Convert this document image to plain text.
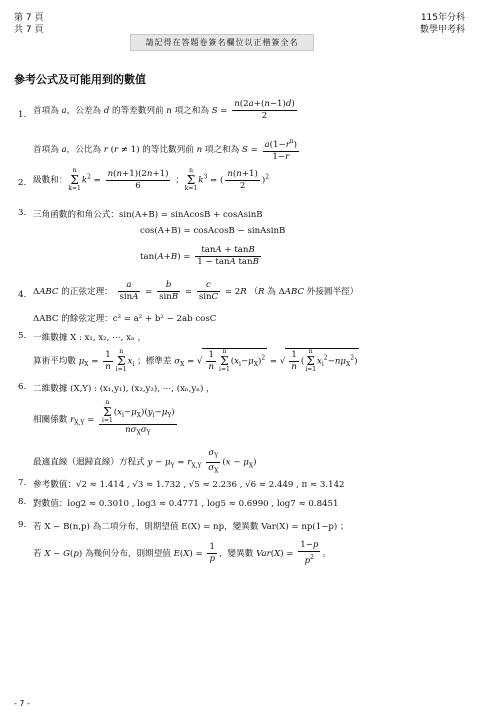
第 7 頁
共 7 頁
請記得在答題卷簽名欄位以正楷簽全名
115年分科
數學甲考科
參考公式及可能用到的數值
1. 首項為 a，公差為 d 的等差數列前 n 項之和為 $S = \frac{n(2a+(n-1)d)}{2}$
首項為 a，公比為 r (r ≠ 1) 的等比數列前 n 項之和為 $S = \frac{a(1-r^n)}{1-r}$
2. 級數和：n
Σ
$k=1k^2 = \frac{n(n+1)(2n+1)}{6}$ ；n
Σ
$k=1k^3$ = ( $\frac{n(n+1)}{2} )^2$
3. 三角函數的和角公式：sin(A+B) = sinAcosB + cosAsinB
cos(A+B) = cosAcosB − sinAsinB
$\tan(A+B) = \frac{\tan A + \tan B}{\text{1 − tanA tanB}}$
4. ΔABC 的正弦定理： $\frac{a}{\sin A} = \frac{b}{\sin B} = \frac{c}{\sin C} = 2R$ （R 為 ΔABC 外接圓半徑）
ΔABC 的餘弦定理：c² = a² + b² − 2ab cosC
5. 一維數據 X : x₁, x₂, ⋯, xₙ ，
算術平均數 $\mu_X = \frac{1}{n}$ n
Σ
$i=1x_i$ ；標準差 $\sigma_X$ = √ $\frac{1}{n}$ n
Σ
$i=1(x_i-\mu_X)^2$ = √ $\frac{1}{n} (n$
Σ
$i=1x_i^2-n\mu_X^2$)
6. 二維數據 (X,Y) : (x₁,y₁), (x₂,y₂), ⋯, (xₙ,yₙ) ，
相關係數 $r_{X,Y} = n$
Σ
$i=1(x_i-\mu_X)(y_i-\mu_Y)$
$n\sigma_X\sigma_Y$
最適直線（迴歸直線）方程式 $y - \mu_Y = r_{X,Y} \frac{\sigma_Y}{\sigma_X} (x - \mu_X)$
7. 參考數值：√2 ≈ 1.414 , √3 ≈ 1.732 , √5 ≈ 2.236 , √6 ≈ 2.449 , π ≈ 3.142
8. 對數值：log2 ≈ 0.3010 , log3 ≈ 0.4771 , log5 ≈ 0.6990 , log7 ≈ 0.8451
9. 若 X ~ B(n,p) 為二項分布，則期望值 E(X) = np，變異數 Var(X) = np(1−p) ；
若 X ~ G(p) 為幾何分布，則期望值 $E(X) = \frac{1}{p}$ ，變異數 $Var(X) = \frac{1-p}{p^2}$ 。
- 7 -
